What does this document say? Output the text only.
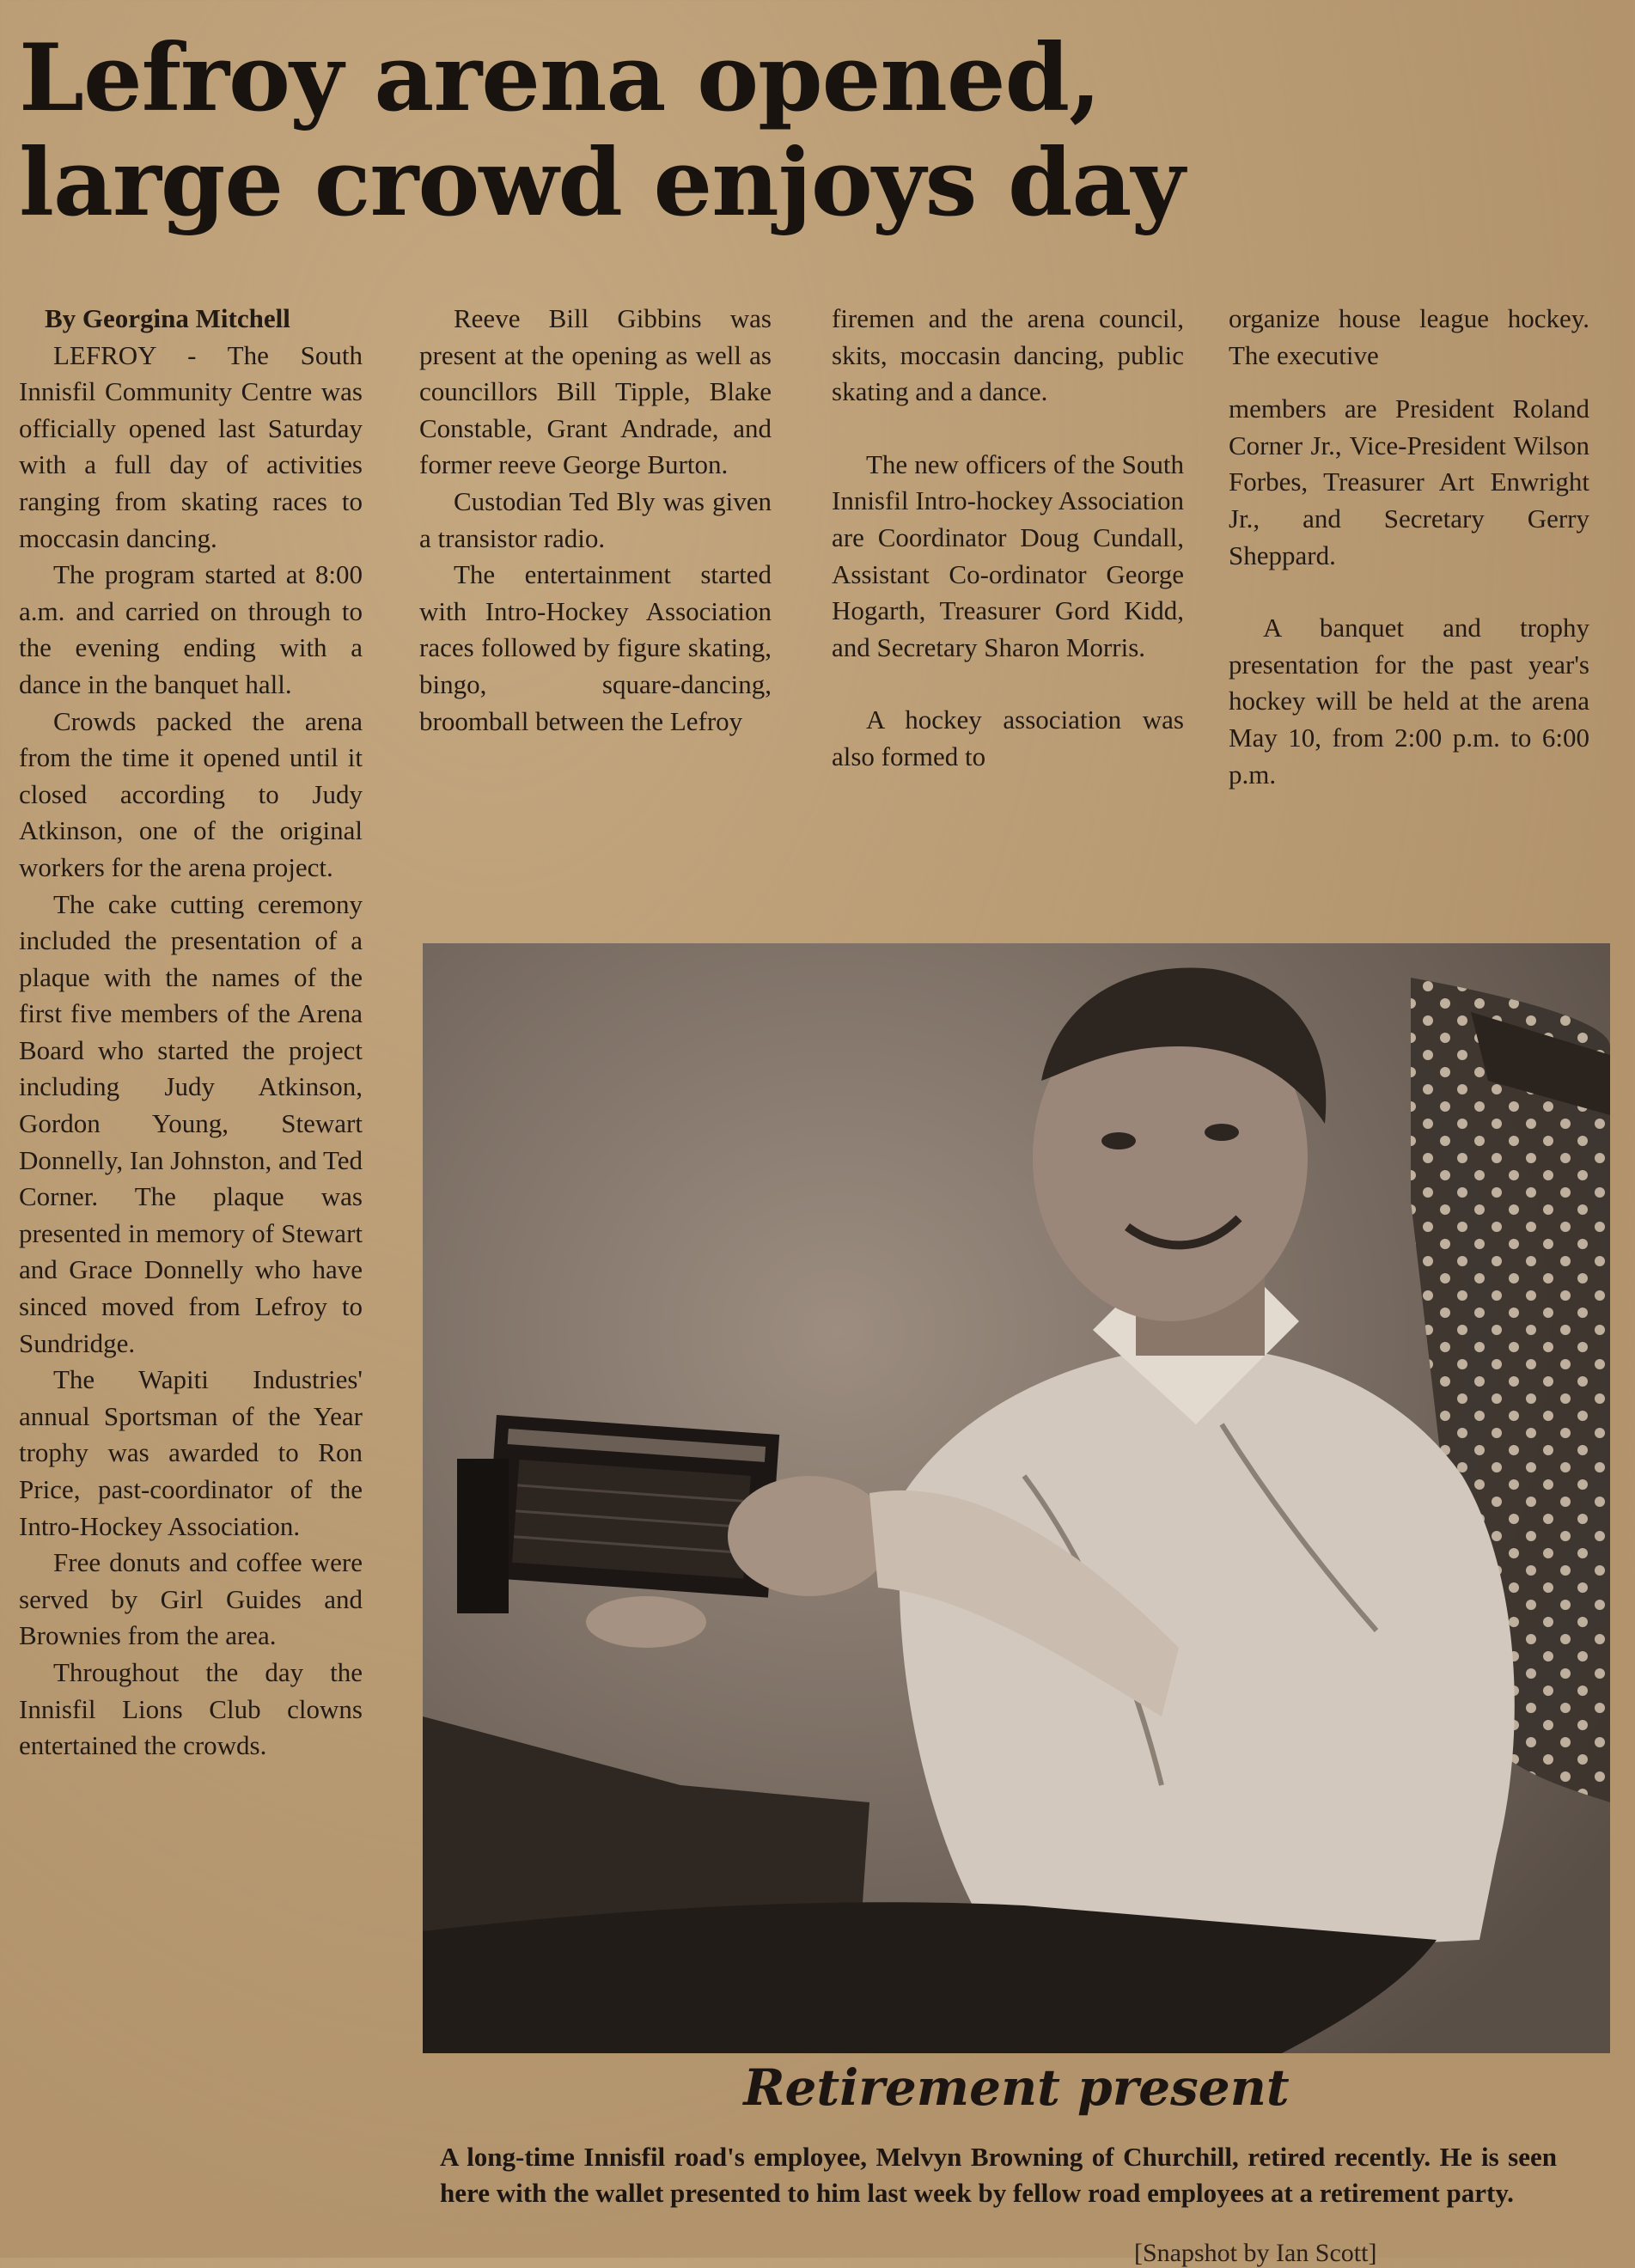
Lefroy arena opened,
large crowd enjoys day

By Georgina Mitchell

LEFROY - The South Innisfil Community Centre was officially opened last Saturday with a full day of activities ranging from skating races to moccasin dancing.

The program started at 8:00 a.m. and carried on through to the evening ending with a dance in the banquet hall.

Crowds packed the arena from the time it opened until it closed according to Judy Atkinson, one of the original workers for the arena project.

The cake cutting ceremony included the presentation of a plaque with the names of the first five members of the Arena Board who started the project including Judy Atkinson, Gordon Young, Stewart Donnelly, Ian Johnston, and Ted Corner. The plaque was presented in memory of Stewart and Grace Donnelly who have sinced moved from Lefroy to Sundridge.

The Wapiti Industries' annual Sportsman of the Year trophy was awarded to Ron Price, past-coordinator of the Intro-Hockey Association.

Free donuts and coffee were served by Girl Guides and Brownies from the area.

Throughout the day the Innisfil Lions Club clowns entertained the crowds.

Reeve Bill Gibbins was present at the opening as well as councillors Bill Tipple, Blake Constable, Grant Andrade, and former reeve George Burton.

Custodian Ted Bly was given a transistor radio.

The entertainment started with Intro-Hockey Association races followed by figure skating, bingo, square-dancing, broomball between the Lefroy

firemen and the arena council, skits, moccasin dancing, public skating and a dance.

The new officers of the South Innisfil Intro-hockey Association are Coordinator Doug Cundall, Assistant Co-ordinator George Hogarth, Treasurer Gord Kidd, and Secretary Sharon Morris.

A hockey association was also formed to

organize house league hockey. The executive

members are President Roland Corner Jr., Vice-President Wilson Forbes, Treasurer Art Enwright Jr., and Secretary Gerry Sheppard.

A banquet and trophy presentation for the past year's hockey will be held at the arena May 10, from 2:00 p.m. to 6:00 p.m.

Retirement present

A long-time Innisfil road's employee, Melvyn Browning of Churchill, retired recently. He is seen here with the wallet presented to him last week by fellow road employees at a retirement party.

[Snapshot by Ian Scott]
